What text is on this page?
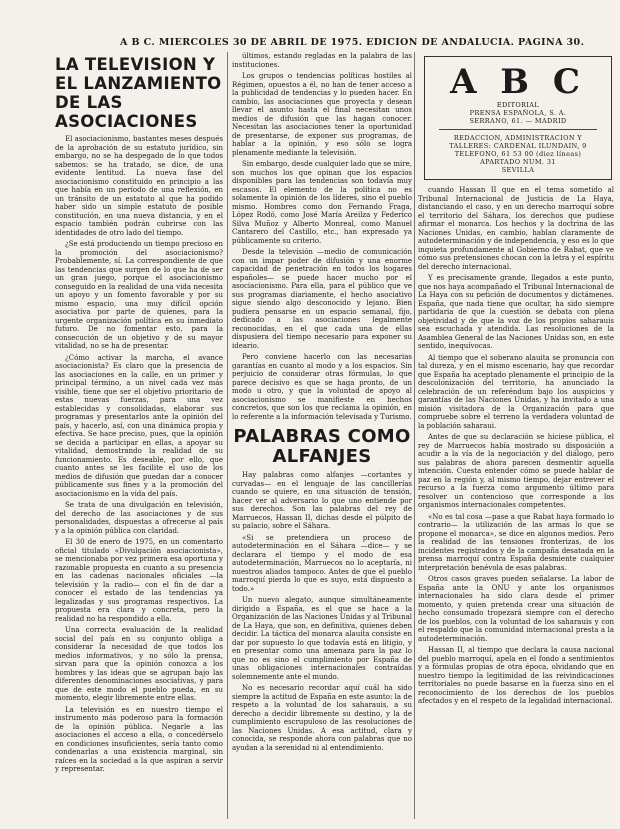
A B C. MIERCOLES 30 DE ABRIL DE 1975. EDICION DE ANDALUCIA. PAGINA 30.
LA TELEVISION Y EL LANZAMIENTO DE LAS ASOCIACIONES

El asociacionismo, bastantes meses después de la aprobación de su estatuto jurídico, sin embargo, no se ha despegado de lo que todos sabemos: se ha tratado, se dice, de una evidente lentitud. La nueva fase del asociacionismo constituido en principio a las que había en un período de una reflexión, en un tránsito de un estatuto al que ha podido haber sido un simple estatuto de posible constitución, en una nueva distancia, y en el espacio también podrán cubrirse con las identidades de otro lado del tiempo.

¿Se está produciendo un tiempo precioso en la promoción del asociacionismo? Probablemente, sí. La correspondiente de que las tendencias que surgen de lo que ha de ser un gran juego, porque el asociacionismo conseguido en la realidad de una vida necesita un apoyo y un fomento favorable y por su mismo espacio, una muy difícil opción asociativa por parte de quienes, para la urgente organización política en su inmediato futuro. De no fomentar esto, para la consecución de un objetivo y de su mayor vitalidad, no se ha de presentar.

¿Cómo activar la marcha, el avance asociacionista? Es claro que la presencia de las asociaciones en la calle, en un primer y principal término, a un nivel cada vez más visible, tiene que ser el objetivo prioritario de estas nuevas fuerzas, para una vez establecidas y consolidadas, elaborar sus programas y presentarlos ante la opinión del país, y hacerlo, así, con una dinámica propia y efectiva. Se hace preciso, pues, que la opinión se decida a participar en ellas, a apoyar su vitalidad, demostrando la realidad de su funcionamiento. Es deseable, por ello, que cuanto antes se les facilite el uso de los medios de difusión que puedan dar a conocer públicamente sus fines y a la promoción del asociacionismo en la vida del país.

Se trata de una divulgación en televisión, del derecho de las asociaciones y de sus personalidades, dispuestas a ofrecerse al país y a la opinión pública con claridad.

El 30 de enero de 1975, en un comentario oficial titulado «Divulgación asociacionista», se mencionaba por vez primera esa oportuna y razonable propuesta en cuanto a su presencia en las cadenas nacionales oficiales —la televisión y la radio— con el fin de dar a conocer el estado de las tendencias ya legalizadas y sus programas respectivos. La propuesta era clara y concreta, pero la realidad no ha respondido a ella.

Una correcta evaluación de la realidad social del país en su conjunto obliga a considerar la necesidad de que todos los medios informativos, y no sólo la prensa, sirvan para que la opinión conozca a los hombres y las ideas que se agrupan bajo las diferentes denominaciones asociativas, y para que de este modo el pueblo pueda, en su momento, elegir libremente entre ellas.

La televisión es en nuestro tiempo el instrumento más poderoso para la formación de la opinión pública. Negarle a las asociaciones el acceso a ella, o concedérselo en condiciones insuficientes, sería tanto como condenarlas a una existencia marginal, sin raíces en la sociedad a la que aspiran a servir y representar.

últimos, estando regladas en la palabra de las instituciones.

Los grupos o tendencias políticas hostiles al Régimen, opuestos a él, no han de tener acceso a la publicidad de tendencias y lo pueden hacer. En cambio, las asociaciones que proyecta y desean llevar el asunto hasta el final necesitan unos medios de difusión que las hagan conocer. Necesitan las asociaciones tener la oportunidad de presentarse, de exponer sus programas, de hablar a la opinión, y eso sólo se logra plenamente mediante la televisión.

Sin embargo, desde cualquier lado que se mire, son muchos los que opinan que los espacios disponibles para las tendencias son todavía muy escasos. El elemento de la política no es solamente la opinión de los líderes, sino el pueblo mismo. Hombres como don Fernando Fraga, López Rodó, como José María Areilza y Federico Silva Muñoz y Alberto Monreal, como Manuel Cantarero del Castillo, etc., han expresado ya públicamente su criterio.

Desde la televisión —medio de comunicación con un impar poder de difusión y una enorme capacidad de penetración en todos los hogares españoles— se puede hacer mucho por el asociacionismo. Para ella, para el público que ve sus programas diariamente, el hecho asociativo sigue siendo algo desconocido y lejano. Bien pudiera pensarse en un espacio semanal, fijo, dedicado a las asociaciones legalmente reconocidas, en el que cada una de ellas dispusiera del tiempo necesario para exponer su ideario.

Pero conviene hacerlo con las necesarias garantías en cuanto al modo y a los espacios. Sin perjuicio de considerar otras fórmulas, lo que parece decisivo es que se haga pronto, de un modo u otro, y que la voluntad de apoyo al asociacionismo se manifieste en hechos concretos, que son los que reclama la opinión, en lo referente a la información televisada y Turismo.

PALABRAS COMO ALFANJES

Hay palabras como alfanjes —cortantes y curvadas— en el lenguaje de las cancillerías cuando se quiere, en una situación de tensión, hacer ver al adversario lo que uno entiende por sus derechos. Son las palabras del rey de Marruecos, Hassan II, dichas desde el púlpito de su palacio, sobre el Sáhara.

«Si se pretendiera un proceso de autodeterminación en el Sáhara —dice— y se declarara el tiempo y el modo de esa autodeterminación, Marruecos no lo aceptaría, ni nuestros aliados tampoco. Antes de que el pueblo marroquí pierda lo que es suyo, está dispuesto a todo.»

Un nuevo alegato, aunque simultáneamente dirigido a España, es el que se hace a la Organización de las Naciones Unidas y al Tribunal de La Haya, que son, en definitiva, quienes deben decidir. La táctica del monarca alauita consiste en dar por supuesto lo que todavía está en litigio, y en presentar como una amenaza para la paz lo que no es sino el cumplimiento por España de unas obligaciones internacionales contraídas solemnemente ante el mundo.

No es necesario recordar aquí cuál ha sido siempre la actitud de España en este asunto: la de respeto a la voluntad de los saharauis, a su derecho a decidir libremente su destino, y la de cumplimiento escrupuloso de las resoluciones de las Naciones Unidas. A esa actitud, clara y conocida, se responde ahora con palabras que no ayudan a la serenidad ni al entendimiento.

A B C
EDITORIAL
PRENSA ESPAÑOLA, S. A.
SERRANO, 61. — MADRID
REDACCION, ADMINISTRACION Y
TALLERES: CARDENAL ILUNDAIN, 9
TELEFONO, 61 53 00 (diez líneas)
APARTADO NUM. 31
SEVILLA

cuando Hassan II que en el tema sometido al Tribunal Internacional de Justicia de La Haya, distanciando el caso, y en un derecho marroquí sobre el territorio del Sáhara, los derechos que pudiese afirmar el monarca. Los hechos y la doctrina de las Naciones Unidas, en cambio, hablan claramente de autodeterminación y de independencia, y eso es lo que inquieta profundamente al Gobierno de Rabat, que ve cómo sus pretensiones chocan con la letra y el espíritu del derecho internacional.

Y es precisamente grande, llegados a este punto, que nos haya acompañado el Tribunal Internacional de La Haya con su petición de documentos y dictámenes. España, que nada tiene que ocultar, ha sido siempre partidaria de que la cuestión se debata con plena objetividad y de que la voz de los propios saharauis sea escuchada y atendida. Las resoluciones de la Asamblea General de las Naciones Unidas son, en este sentido, inequívocas.

Al tiempo que el soberano alauita se pronuncia con tal dureza, y en el mismo escenario, hay que recordar que España ha aceptado plenamente el principio de la descolonización del territorio, ha anunciado la celebración de un referéndum bajo los auspicios y garantías de las Naciones Unidas, y ha invitado a una misión visitadora de la Organización para que compruebe sobre el terreno la verdadera voluntad de la población saharaui.

Antes de que su declaración se hiciese pública, el rey de Marruecos había mostrado su disposición a acudir a la vía de la negociación y del diálogo, pero sus palabras de ahora parecen desmentir aquella intención. Cuesta entender cómo se puede hablar de paz en la región y, al mismo tiempo, dejar entrever el recurso a la fuerza como argumento último para resolver un contencioso que corresponde a los organismos internacionales competentes.

«No es tal cosa —pase a que Rabat haya formado lo contrario— la utilización de las armas lo que se propone el monarca», se dice en algunos medios. Pero la realidad de las tensiones fronterizas, de los incidentes registrados y de la campaña desatada en la prensa marroquí contra España desmiente cualquier interpretación benévola de esas palabras.

Otros casos graves pueden señalarse. La labor de España ante la ONU y ante los organismos internacionales ha sido clara desde el primer momento, y quien pretenda crear una situación de hecho consumado tropezará siempre con el derecho de los pueblos, con la voluntad de los saharauis y con el respaldo que la comunidad internacional presta a la autodeterminación.

Hassan II, al tiempo que declara la causa nacional del pueblo marroquí, apela en el fondo a sentimientos y a fórmulas propias de otra época, olvidando que en nuestro tiempo la legitimidad de las reivindicaciones territoriales no puede basarse en la fuerza sino en el reconocimiento de los derechos de los pueblos afectados y en el respeto de la legalidad internacional.
